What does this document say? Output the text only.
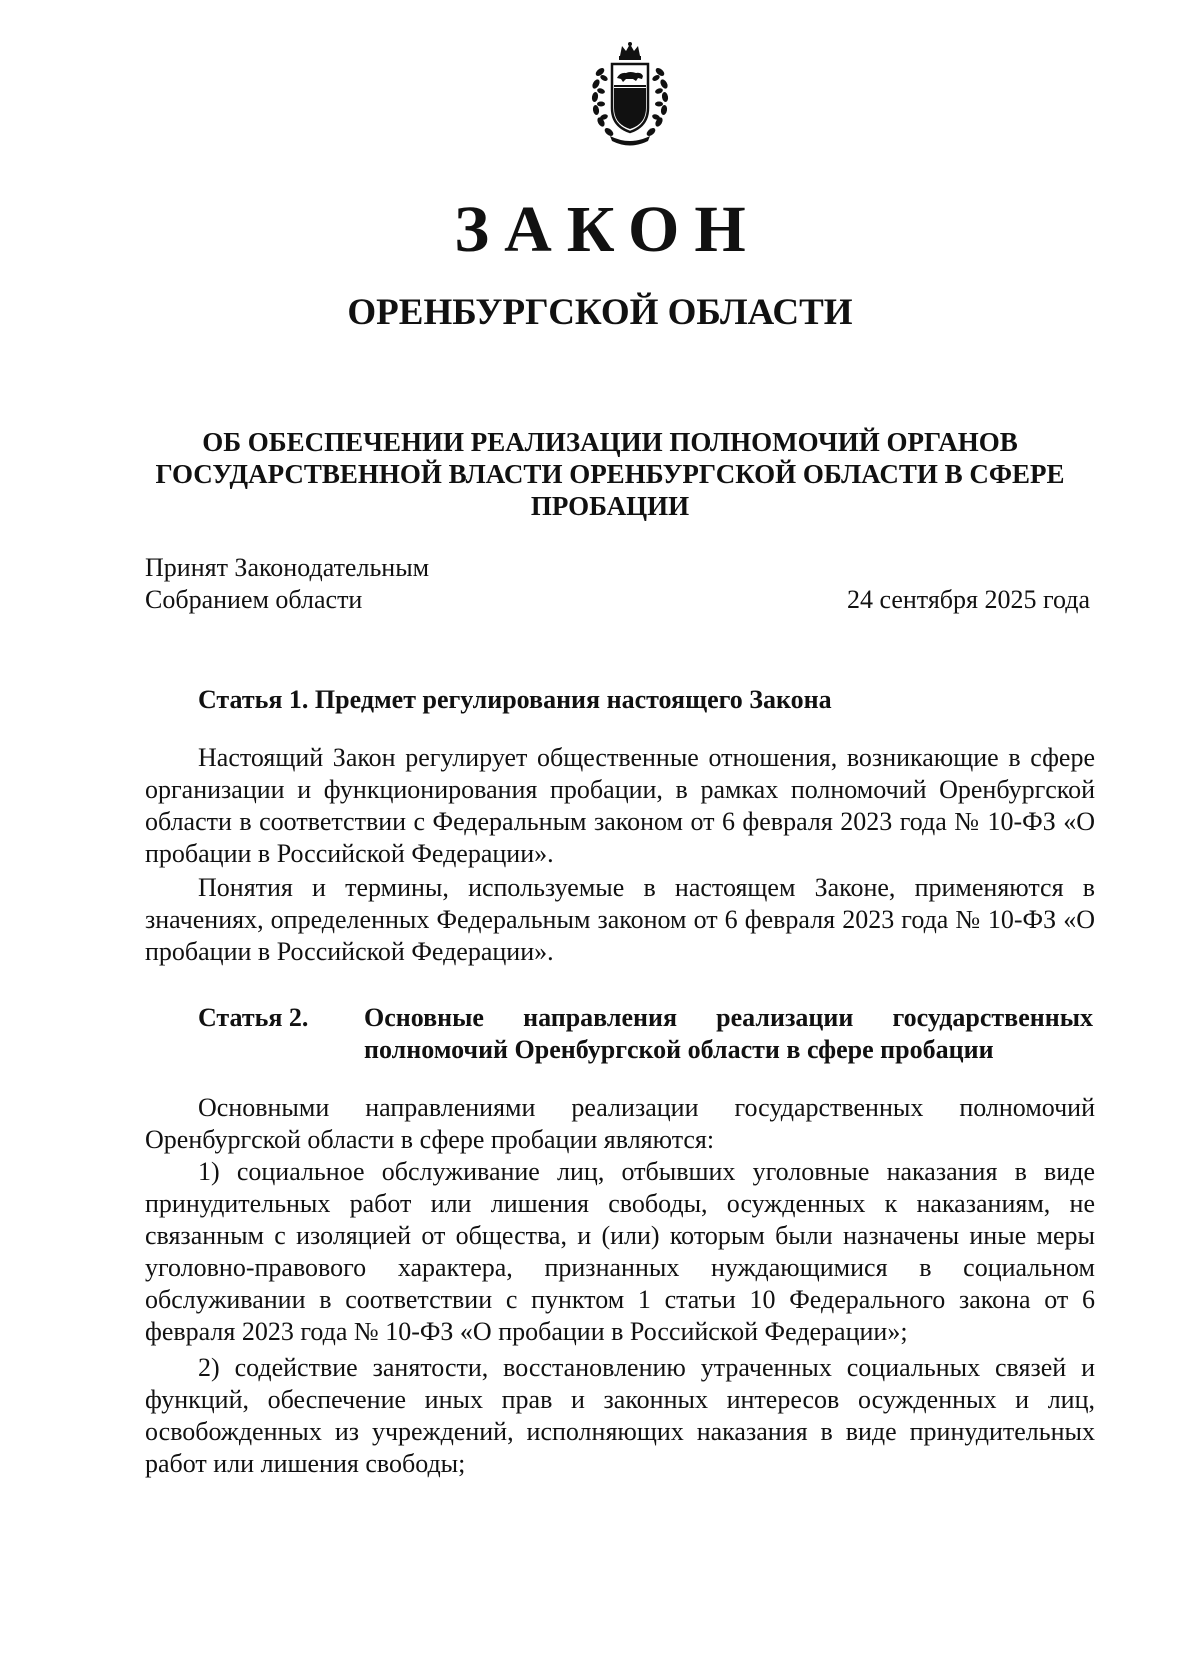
ЗАКОН
ОРЕНБУРГСКОЙ ОБЛАСТИ
ОБ ОБЕСПЕЧЕНИИ РЕАЛИЗАЦИИ ПОЛНОМОЧИЙ ОРГАНОВ ГОСУДАРСТВЕННОЙ ВЛАСТИ ОРЕНБУРГСКОЙ ОБЛАСТИ В СФЕРЕ ПРОБАЦИИ
Принят Законодательным
Собранием области	24 сентября 2025 года
Статья 1. Предмет регулирования настоящего Закона

Настоящий Закон регулирует общественные отношения, возникающие в сфере организации и функционирования пробации, в рамках полномочий Оренбургской области в соответствии с Федеральным законом от 6 февраля 2023 года № 10-ФЗ «О пробации в Российской Федерации».

Понятия и термины, используемые в настоящем Законе, применяются в значениях, определенных Федеральным законом от 6 февраля 2023 года № 10-ФЗ «О пробации в Российской Федерации».

Статья 2. Основные направления реализации государственных
полномочий Оренбургской области в сфере пробации

Основными направлениями реализации государственных полномочий Оренбургской области в сфере пробации являются:

1) социальное обслуживание лиц, отбывших уголовные наказания в виде принудительных работ или лишения свободы, осужденных к наказаниям, не связанным с изоляцией от общества, и (или) которым были назначены иные меры уголовно-правового характера, признанных нуждающимися в социальном обслуживании в соответствии с пунктом 1 статьи 10 Федерального закона от 6 февраля 2023 года № 10-ФЗ «О пробации в Российской Федерации»;

2) содействие занятости, восстановлению утраченных социальных связей и функций, обеспечение иных прав и законных интересов осужденных и лиц, освобожденных из учреждений, исполняющих наказания в виде принудительных работ или лишения свободы;
